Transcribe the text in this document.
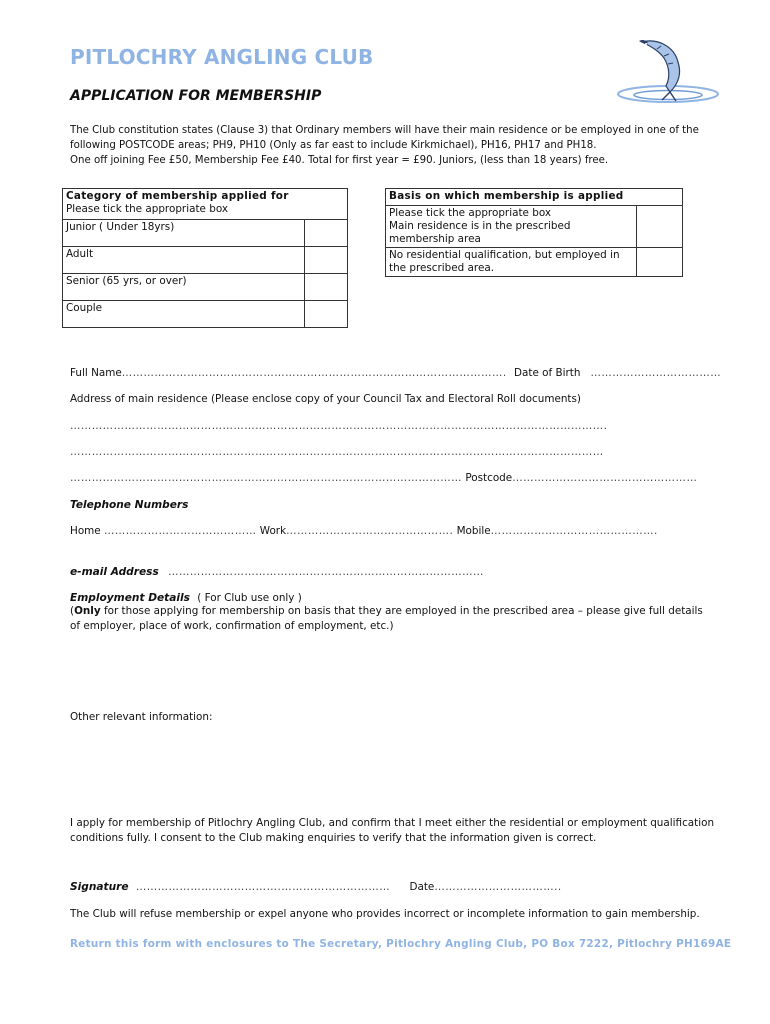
PITLOCHRY ANGLING CLUB
APPLICATION FOR MEMBERSHIP
The Club constitution states (Clause 3) that Ordinary members will have their main residence or be employed in one of the
following POSTCODE areas; PH9, PH10 (Only as far east to include Kirkmichael), PH16, PH17 and PH18.
One off joining Fee £50, Membership Fee £40. Total for first year = £90. Juniors, (less than 18 years) free.
Category of membership applied for
Please tick the appropriate box	

Junior ( Under 18yrs)	
Adult	
Senior (65 yrs, or over)	
Couple	
Basis on which membership is applied	

Please tick the appropriate box
Main residence is in the prescribed membership area	

No residential qualification, but employed in the prescribed area.	
Full Name……………………………………………………………………………………………. Date of Birth ………………………………
Address of main residence (Please enclose copy of your Council Tax and Electoral Roll documents)
………………………………………………………………………………………………………………………………….
…………………………………………………………………………………………………………………………………
……………………………………………………………………………………………… Postcode……………………………………………
Telephone Numbers
Home …………………………………… Work………………………………………. Mobile……………………………………….
e-mail Address ……………………………………………………………………………
Employment Details ( For Club use only )
(Only for those applying for membership on basis that they are employed in the prescribed area – please give full details
of employer, place of work, confirmation of employment, etc.)
Other relevant information:
I apply for membership of Pitlochry Angling Club, and confirm that I meet either the residential or employment qualification
conditions fully. I consent to the Club making enquiries to verify that the information given is correct.
Signature ………………………………….………………………… Date……………………………..
The Club will refuse membership or expel anyone who provides incorrect or incomplete information to gain membership.
Return this form with enclosures to The Secretary, Pitlochry Angling Club, PO Box 7222, Pitlochry PH169AE
